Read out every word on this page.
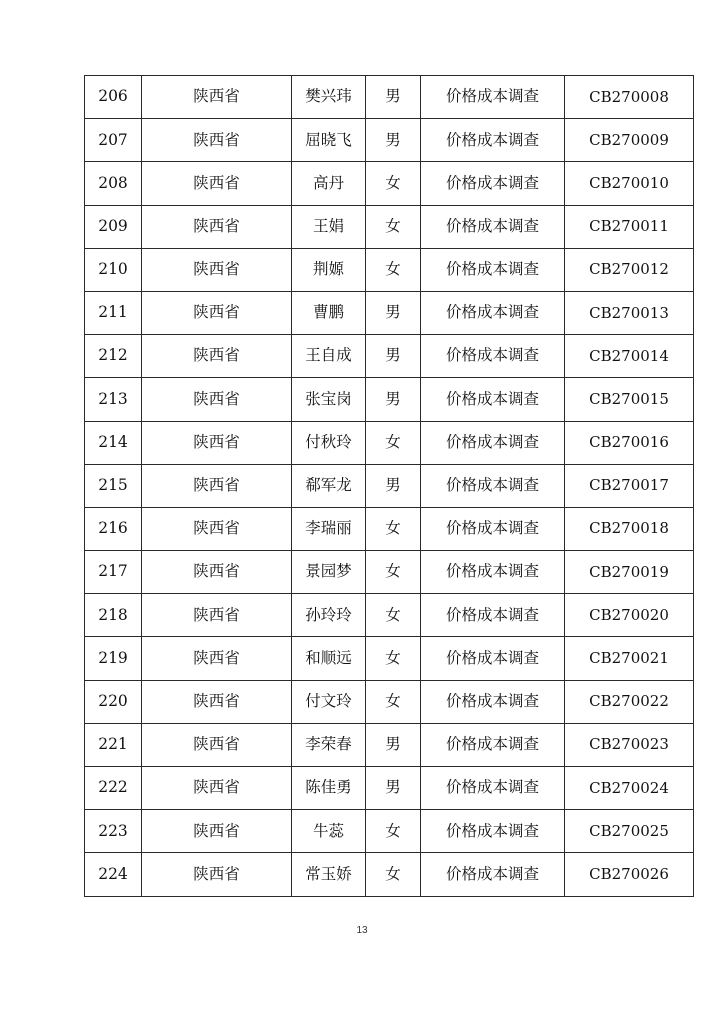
206	陕西省	樊兴玮	男	价格成本调查	CB270008
207	陕西省	屈晓飞	男	价格成本调查	CB270009
208	陕西省	高丹	女	价格成本调查	CB270010
209	陕西省	王娟	女	价格成本调查	CB270011
210	陕西省	荆嫄	女	价格成本调查	CB270012
211	陕西省	曹鹏	男	价格成本调查	CB270013
212	陕西省	王自成	男	价格成本调查	CB270014
213	陕西省	张宝岗	男	价格成本调查	CB270015
214	陕西省	付秋玲	女	价格成本调查	CB270016
215	陕西省	郗军龙	男	价格成本调查	CB270017
216	陕西省	李瑞丽	女	价格成本调查	CB270018
217	陕西省	景园梦	女	价格成本调查	CB270019
218	陕西省	孙玲玲	女	价格成本调查	CB270020
219	陕西省	和顺远	女	价格成本调查	CB270021
220	陕西省	付文玲	女	价格成本调查	CB270022
221	陕西省	李荣春	男	价格成本调查	CB270023
222	陕西省	陈佳勇	男	价格成本调查	CB270024
223	陕西省	牛蕊	女	价格成本调查	CB270025
224	陕西省	常玉娇	女	价格成本调查	CB270026
13
